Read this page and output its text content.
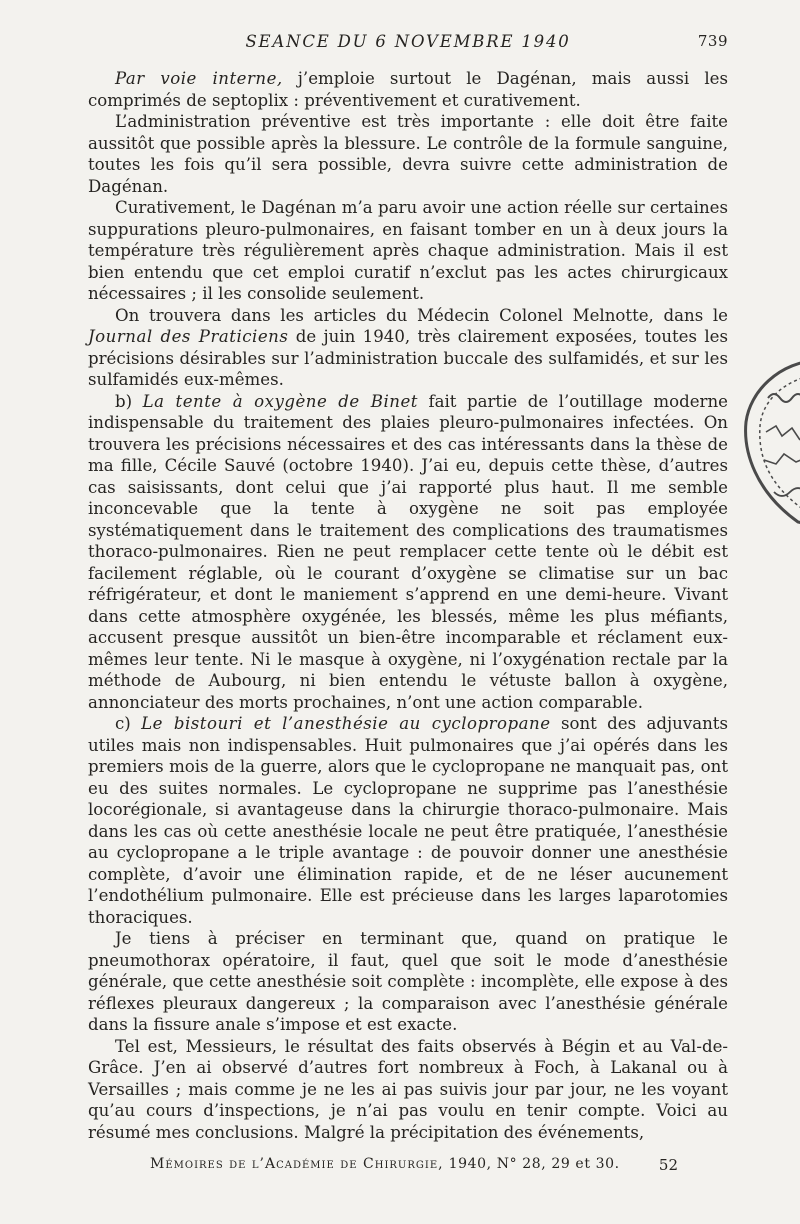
SEANCE DU 6 NOVEMBRE 1940	739

Par voie interne, j’emploie surtout le Dagénan, mais aussi les comprimés de septoplix : préventivement et curativement.

L’administration préventive est très importante : elle doit être faite aussitôt que possible après la blessure. Le contrôle de la formule sanguine, toutes les fois qu’il sera possible, devra suivre cette administration de Dagénan.

Curativement, le Dagénan m’a paru avoir une action réelle sur certaines suppurations pleuro-pulmonaires, en faisant tomber en un à deux jours la température très régulièrement après chaque administration. Mais il est bien entendu que cet emploi curatif n’exclut pas les actes chirurgicaux nécessaires ; il les consolide seulement.

On trouvera dans les articles du Médecin Colonel Melnotte, dans le Journal des Praticiens de juin 1940, très clairement exposées, toutes les précisions désirables sur l’administration buccale des sulfamidés, et sur les sulfamidés eux-mêmes.

b) La tente à oxygène de Binet fait partie de l’outillage moderne indispensable du traitement des plaies pleuro-pulmonaires infectées. On trouvera les précisions nécessaires et des cas intéressants dans la thèse de ma fille, Cécile Sauvé (octobre 1940). J’ai eu, depuis cette thèse, d’autres cas saisissants, dont celui que j’ai rapporté plus haut. Il me semble inconcevable que la tente à oxygène ne soit pas employée systématiquement dans le traitement des complications des traumatismes thoraco-pulmonaires. Rien ne peut remplacer cette tente où le débit est facilement réglable, où le courant d’oxygène se climatise sur un bac réfrigérateur, et dont le maniement s’apprend en une demi-heure. Vivant dans cette atmosphère oxygénée, les blessés, même les plus méfiants, accusent presque aussitôt un bien-être incomparable et réclament eux-mêmes leur tente. Ni le masque à oxygène, ni l’oxygénation rectale par la méthode de Aubourg, ni bien entendu le vétuste ballon à oxygène, annonciateur des morts prochaines, n’ont une action comparable.

c) Le bistouri et l’anesthésie au cyclopropane sont des adjuvants utiles mais non indispensables. Huit pulmonaires que j’ai opérés dans les premiers mois de la guerre, alors que le cyclopropane ne manquait pas, ont eu des suites normales. Le cyclopropane ne supprime pas l’anesthésie locorégionale, si avantageuse dans la chirurgie thoraco-pulmonaire. Mais dans les cas où cette anesthésie locale ne peut être pratiquée, l’anesthésie au cyclopropane a le triple avantage : de pouvoir donner une anesthésie complète, d’avoir une élimination rapide, et de ne léser aucunement l’endothélium pulmonaire. Elle est précieuse dans les larges laparotomies thoraciques.

Je tiens à préciser en terminant que, quand on pratique le pneumothorax opératoire, il faut, quel que soit le mode d’anesthésie générale, que cette anesthésie soit complète : incomplète, elle expose à des réflexes pleuraux dangereux ; la comparaison avec l’anesthésie générale dans la fissure anale s’impose et est exacte.

Tel est, Messieurs, le résultat des faits observés à Bégin et au Val-de-Grâce. J’en ai observé d’autres fort nombreux à Foch, à Lakanal ou à Versailles ; mais comme je ne les ai pas suivis jour par jour, ne les voyant qu’au cours d’inspections, je n’ai pas voulu en tenir compte. Voici au résumé mes conclusions. Malgré la précipitation des événements,

Mémoires de l’Académie de Chirurgie, 1940, N° 28, 29 et 30.	52
